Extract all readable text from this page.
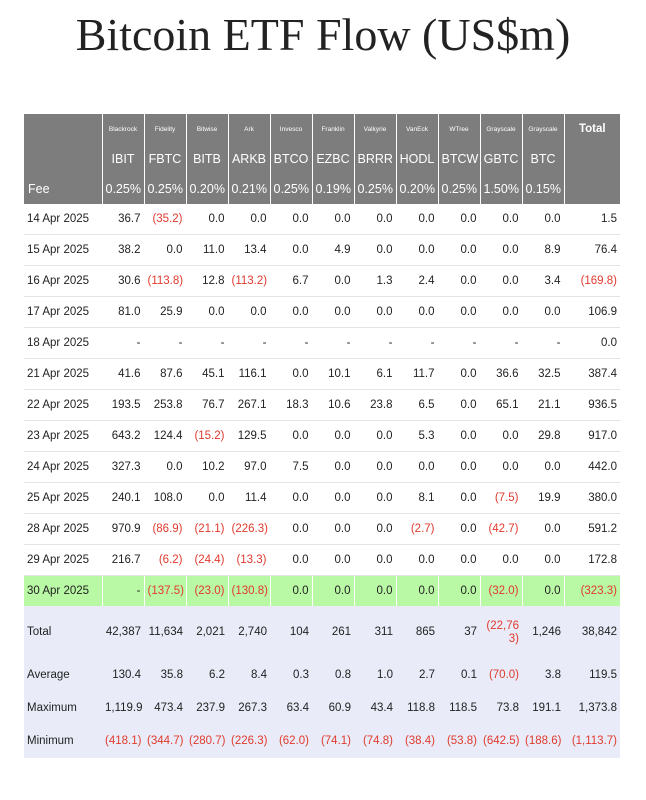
Bitcoin ETF Flow (US$m)
	Blackrock	Fidelity	Bitwise	Ark	Invesco	Franklin	Valkyrie	VanEck	WTree	Grayscale	Grayscale	Total
	IBIT	FBTC	BITB	ARKB	BTCO	EZBC	BRRR	HODL	BTCW	GBTC	BTC	
Fee	0.25%	0.25%	0.20%	0.21%	0.25%	0.19%	0.25%	0.20%	0.25%	1.50%	0.15%	
14 Apr 2025	36.7	(35.2)	0.0	0.0	0.0	0.0	0.0	0.0	0.0	0.0	0.0	1.5
15 Apr 2025	38.2	0.0	11.0	13.4	0.0	4.9	0.0	0.0	0.0	0.0	8.9	76.4
16 Apr 2025	30.6	(113.8)	12.8	(113.2)	6.7	0.0	1.3	2.4	0.0	0.0	3.4	(169.8)
17 Apr 2025	81.0	25.9	0.0	0.0	0.0	0.0	0.0	0.0	0.0	0.0	0.0	106.9
18 Apr 2025	-	-	-	-	-	-	-	-	-	-	-	0.0
21 Apr 2025	41.6	87.6	45.1	116.1	0.0	10.1	6.1	11.7	0.0	36.6	32.5	387.4
22 Apr 2025	193.5	253.8	76.7	267.1	18.3	10.6	23.8	6.5	0.0	65.1	21.1	936.5
23 Apr 2025	643.2	124.4	(15.2)	129.5	0.0	0.0	0.0	5.3	0.0	0.0	29.8	917.0
24 Apr 2025	327.3	0.0	10.2	97.0	7.5	0.0	0.0	0.0	0.0	0.0	0.0	442.0
25 Apr 2025	240.1	108.0	0.0	11.4	0.0	0.0	0.0	8.1	0.0	(7.5)	19.9	380.0
28 Apr 2025	970.9	(86.9)	(21.1)	(226.3)	0.0	0.0	0.0	(2.7)	0.0	(42.7)	0.0	591.2
29 Apr 2025	216.7	(6.2)	(24.4)	(13.3)	0.0	0.0	0.0	0.0	0.0	0.0	0.0	172.8
30 Apr 2025	-	(137.5)	(23.0)	(130.8)	0.0	0.0	0.0	0.0	0.0	(32.0)	0.0	(323.3)
Total	42,387	11,634	2,021	2,740	104	261	311	865	37	(22,763)	1,246	38,842
Average	130.4	35.8	6.2	8.4	0.3	0.8	1.0	2.7	0.1	(70.0)	3.8	119.5
Maximum	1,119.9	473.4	237.9	267.3	63.4	60.9	43.4	118.8	118.5	73.8	191.1	1,373.8
Minimum	(418.1)	(344.7)	(280.7)	(226.3)	(62.0)	(74.1)	(74.8)	(38.4)	(53.8)	(642.5)	(188.6)	(1,113.7)
